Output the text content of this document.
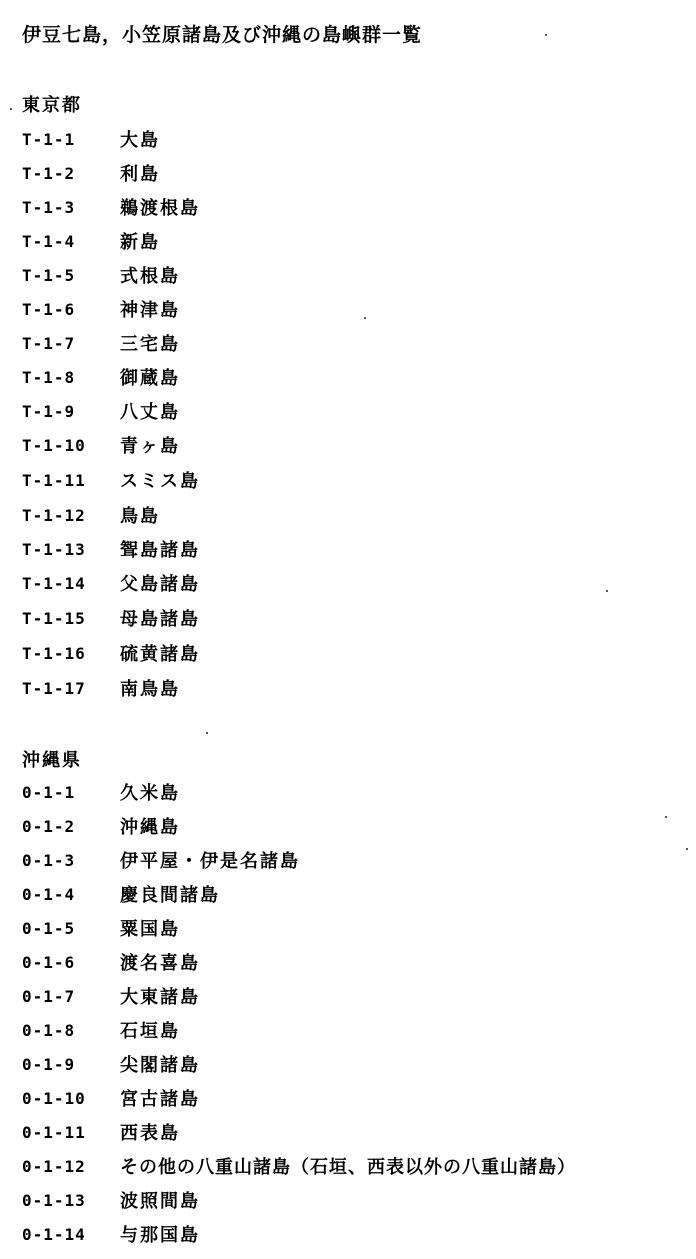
伊豆七島，小笠原諸島及び沖縄の島嶼群一覧
東京都
T-1-1 大島
T-1-2 利島
T-1-3 鵜渡根島
T-1-4 新島
T-1-5 式根島
T-1-6 神津島
T-1-7 三宅島
T-1-8 御蔵島
T-1-9 八丈島
T-1-10 青ヶ島
T-1-11 スミス島
T-1-12 鳥島
T-1-13 聟島諸島
T-1-14 父島諸島
T-1-15 母島諸島
T-1-16 硫黄諸島
T-1-17 南鳥島
沖縄県
0-1-1 久米島
0-1-2 沖縄島
0-1-3 伊平屋・伊是名諸島
0-1-4 慶良間諸島
0-1-5 粟国島
0-1-6 渡名喜島
0-1-7 大東諸島
0-1-8 石垣島
0-1-9 尖閣諸島
0-1-10 宮古諸島
0-1-11 西表島
0-1-12 その他の八重山諸島（石垣、西表以外の八重山諸島）
0-1-13 波照間島
0-1-14 与那国島
